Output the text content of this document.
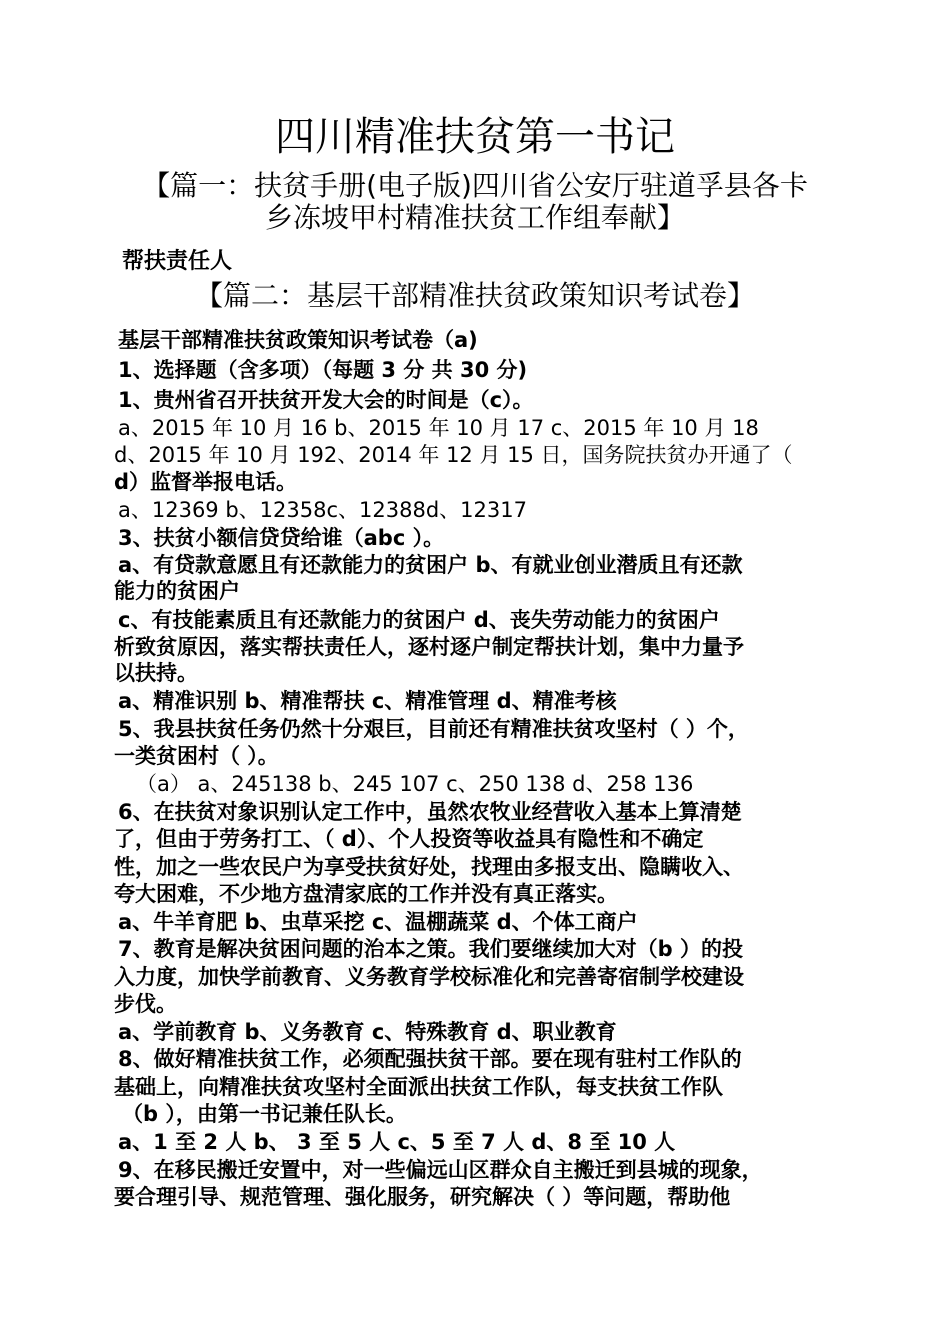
四川精准扶贫第一书记
【篇一：扶贫手册(电子版)四川省公安厅驻道孚县各卡
乡冻坡甲村精准扶贫工作组奉献】
帮扶责任人
【篇二：基层干部精准扶贫政策知识考试卷】
基层干部精准扶贫政策知识考试卷（a)
1、选择题（含多项）（每题 3 分 共 30 分)
1、贵州省召开扶贫开发大会的时间是（c）。
a、2015 年 10 月 16 b、2015 年 10 月 17 c、2015 年 10 月 18
d、2015 年 10 月 192、2014 年 12 月 15 日，国务院扶贫办开通了（
d）监督举报电话。
a、12369 b、12358c、12388d、12317
3、扶贫小额信贷贷给谁（abc ）。
a、有贷款意愿且有还款能力的贫困户 b、有就业创业潜质且有还款
能力的贫困户
c、有技能素质且有还款能力的贫困户 d、丧失劳动能力的贫困户
析致贫原因，落实帮扶责任人，逐村逐户制定帮扶计划，集中力量予
以扶持。
a、精准识别 b、精准帮扶 c、精准管理 d、精准考核
5、我县扶贫任务仍然十分艰巨，目前还有精准扶贫攻坚村（ ）个，
一类贫困村（ ）。
（a） a、245138 b、245 107 c、250 138 d、258 136
6、在扶贫对象识别认定工作中，虽然农牧业经营收入基本上算清楚
了，但由于劳务打工、（ d）、个人投资等收益具有隐性和不确定
性，加之一些农民户为享受扶贫好处，找理由多报支出、隐瞒收入、
夸大困难，不少地方盘清家底的工作并没有真正落实。
a、牛羊育肥 b、虫草采挖 c、温棚蔬菜 d、个体工商户
7、教育是解决贫困问题的治本之策。我们要继续加大对（b ）的投
入力度，加快学前教育、义务教育学校标准化和完善寄宿制学校建设
步伐。
a、学前教育 b、义务教育 c、特殊教育 d、职业教育
8、做好精准扶贫工作，必须配强扶贫干部。要在现有驻村工作队的
基础上，向精准扶贫攻坚村全面派出扶贫工作队，每支扶贫工作队
（b ），由第一书记兼任队长。
a、1 至 2 人 b、 3 至 5 人 c、5 至 7 人 d、8 至 10 人
9、在移民搬迁安置中，对一些偏远山区群众自主搬迁到县城的现象，
要合理引导、规范管理、强化服务，研究解决（ ）等问题，帮助他
